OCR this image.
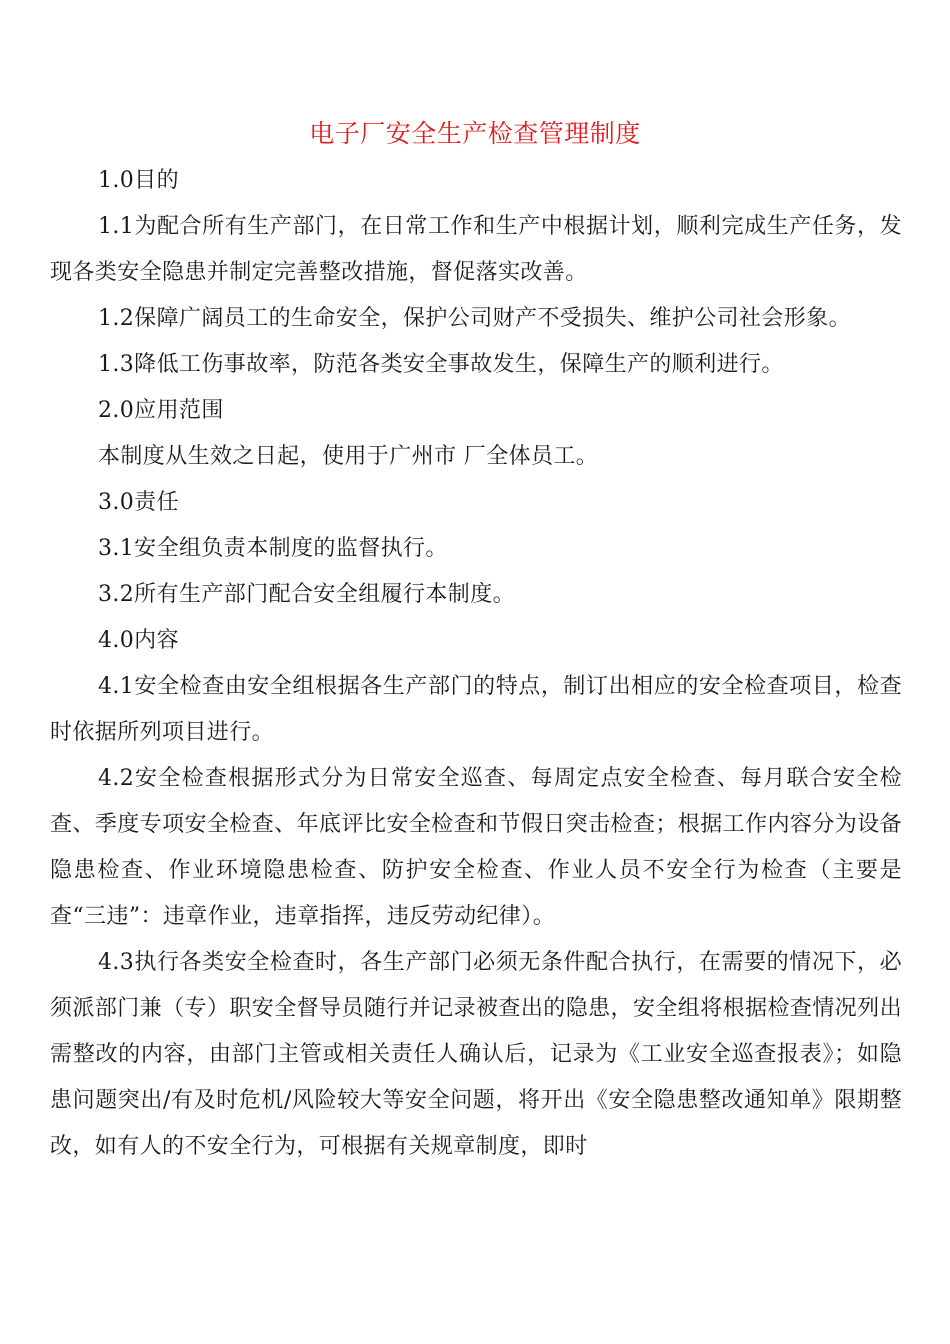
电子厂安全生产检查管理制度

1.0目的

1.1为配合所有生产部门，在日常工作和生产中根据计划，顺利完成生产任务，发现各类安全隐患并制定完善整改措施，督促落实改善。

1.2保障广阔员工的生命安全，保护公司财产不受损失、维护公司社会形象。

1.3降低工伤事故率，防范各类安全事故发生，保障生产的顺利进行。

2.0应用范围

本制度从生效之日起，使用于广州市 厂全体员工。

3.0责任

3.1安全组负责本制度的监督执行。

3.2所有生产部门配合安全组履行本制度。

4.0内容

4.1安全检查由安全组根据各生产部门的特点，制订出相应的安全检查项目，检查时依据所列项目进行。

4.2安全检查根据形式分为日常安全巡查、每周定点安全检查、每月联合安全检查、季度专项安全检查、年底评比安全检查和节假日突击检查；根据工作内容分为设备隐患检查、作业环境隐患检查、防护安全检查、作业人员不安全行为检查（主要是查“三违”：违章作业，违章指挥，违反劳动纪律）。

4.3执行各类安全检查时，各生产部门必须无条件配合执行，在需要的情况下，必须派部门兼（专）职安全督导员随行并记录被查出的隐患，安全组将根据检查情况列出需整改的内容，由部门主管或相关责任人确认后，记录为《工业安全巡查报表》；如隐患问题突出/有及时危机/风险较大等安全问题，将开出《安全隐患整改通知单》限期整改，如有人的不安全行为，可根据有关规章制度，即时
